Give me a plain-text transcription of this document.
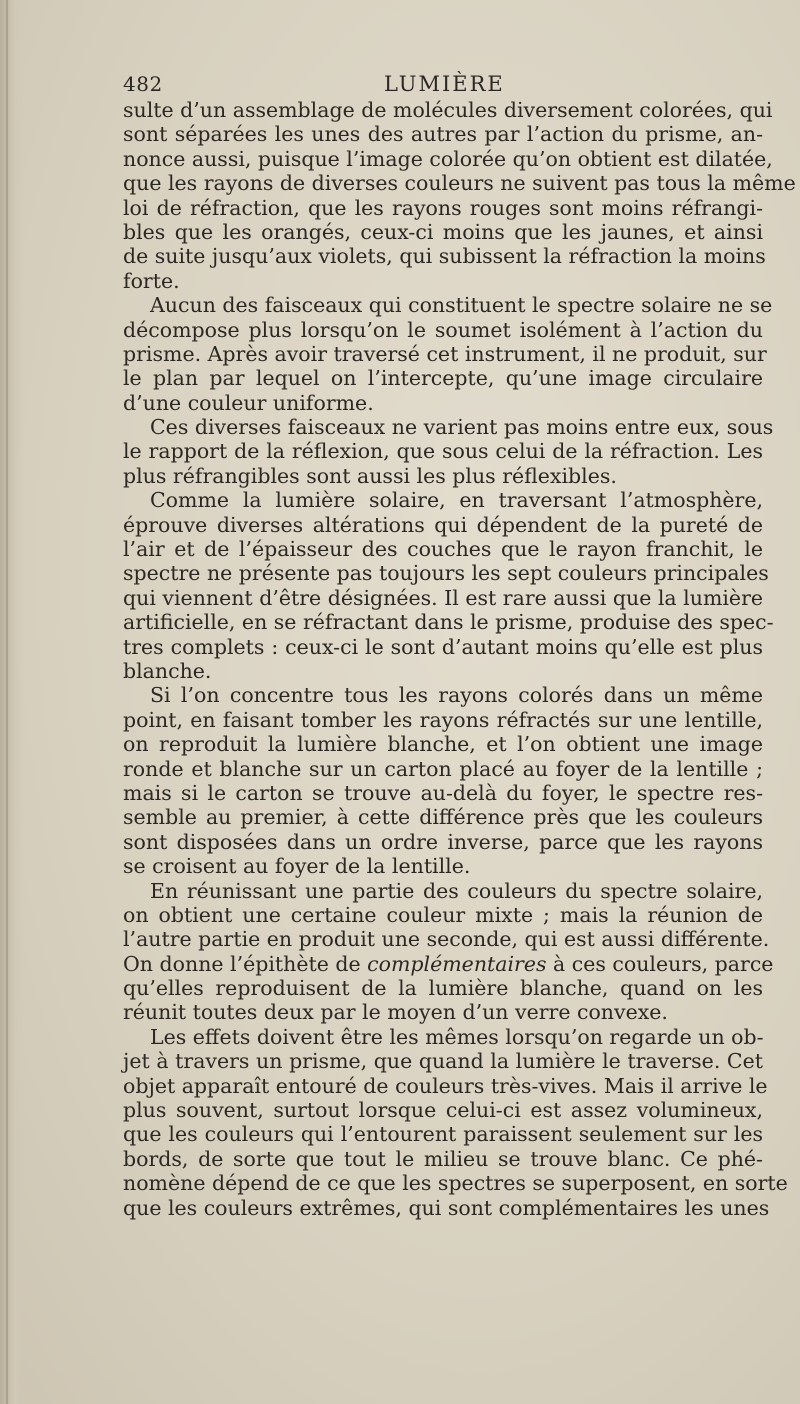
482	LUMIÈRE
sulte d’un assemblage de molécules diversement colorées, qui
sont séparées les unes des autres par l’action du prisme, an-
nonce aussi, puisque l’image colorée qu’on obtient est dilatée,
que les rayons de diverses couleurs ne suivent pas tous la même
loi de réfraction, que les rayons rouges sont moins réfrangi-
bles que les orangés, ceux-ci moins que les jaunes, et ainsi
de suite jusqu’aux violets, qui subissent la réfraction la moins
forte.
Aucun des faisceaux qui constituent le spectre solaire ne se
décompose plus lorsqu’on le soumet isolément à l’action du
prisme. Après avoir traversé cet instrument, il ne produit, sur
le plan par lequel on l’intercepte, qu’une image circulaire
d’une couleur uniforme.
Ces diverses faisceaux ne varient pas moins entre eux, sous
le rapport de la réflexion, que sous celui de la réfraction. Les
plus réfrangibles sont aussi les plus réflexibles.
Comme la lumière solaire, en traversant l’atmosphère,
éprouve diverses altérations qui dépendent de la pureté de
l’air et de l’épaisseur des couches que le rayon franchit, le
spectre ne présente pas toujours les sept couleurs principales
qui viennent d’être désignées. Il est rare aussi que la lumière
artificielle, en se réfractant dans le prisme, produise des spec-
tres complets : ceux-ci le sont d’autant moins qu’elle est plus
blanche.
Si l’on concentre tous les rayons colorés dans un même
point, en faisant tomber les rayons réfractés sur une lentille,
on reproduit la lumière blanche, et l’on obtient une image
ronde et blanche sur un carton placé au foyer de la lentille ;
mais si le carton se trouve au-delà du foyer, le spectre res-
semble au premier, à cette différence près que les couleurs
sont disposées dans un ordre inverse, parce que les rayons
se croisent au foyer de la lentille.
En réunissant une partie des couleurs du spectre solaire,
on obtient une certaine couleur mixte ; mais la réunion de
l’autre partie en produit une seconde, qui est aussi différente.
On donne l’épithète de complémentaires à ces couleurs, parce
qu’elles reproduisent de la lumière blanche, quand on les
réunit toutes deux par le moyen d’un verre convexe.
Les effets doivent être les mêmes lorsqu’on regarde un ob-
jet à travers un prisme, que quand la lumière le traverse. Cet
objet apparaît entouré de couleurs très-vives. Mais il arrive le
plus souvent, surtout lorsque celui-ci est assez volumineux,
que les couleurs qui l’entourent paraissent seulement sur les
bords, de sorte que tout le milieu se trouve blanc. Ce phé-
nomène dépend de ce que les spectres se superposent, en sorte
que les couleurs extrêmes, qui sont complémentaires les unes
